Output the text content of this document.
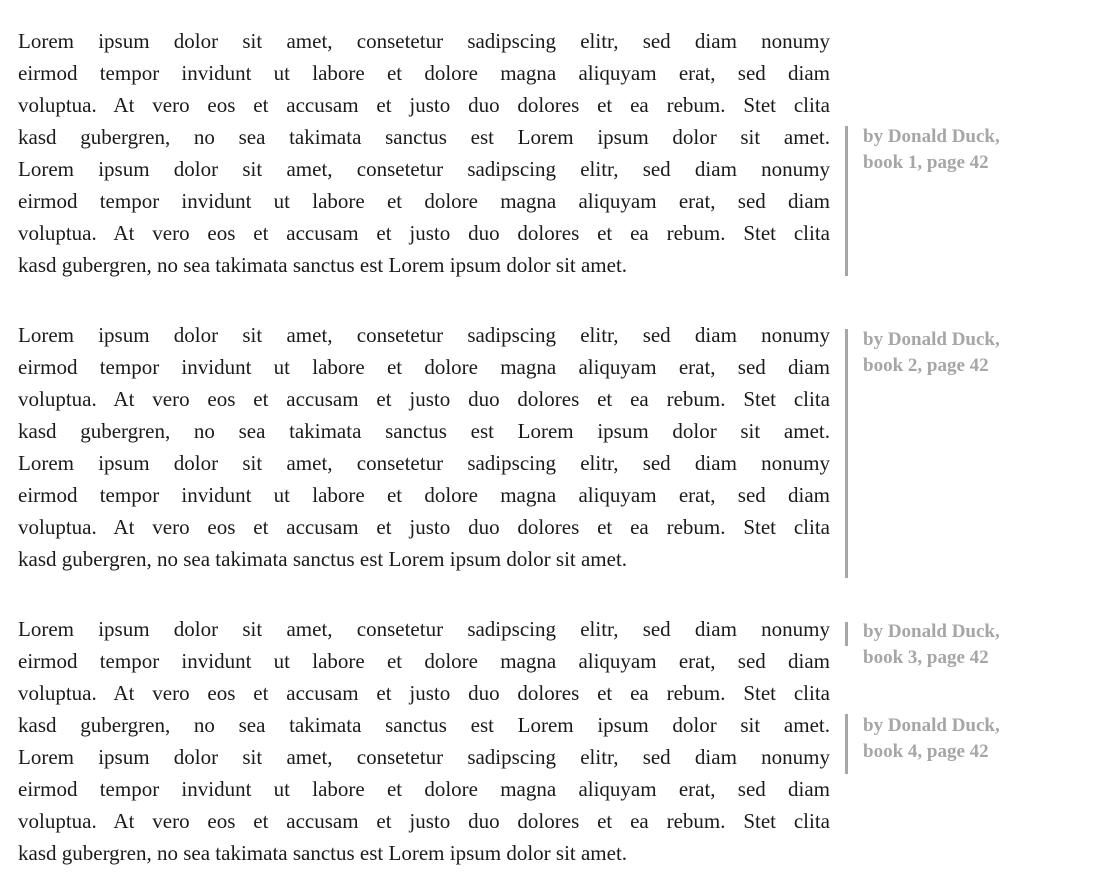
Lorem ipsum dolor sit amet, consetetur sadipscing elitr, sed diam nonumy
eirmod tempor invidunt ut labore et dolore magna aliquyam erat, sed diam
voluptua. At vero eos et accusam et justo duo dolores et ea rebum. Stet clita
kasd gubergren, no sea takimata sanctus est Lorem ipsum dolor sit amet.
Lorem ipsum dolor sit amet, consetetur sadipscing elitr, sed diam nonumy
eirmod tempor invidunt ut labore et dolore magna aliquyam erat, sed diam
voluptua. At vero eos et accusam et justo duo dolores et ea rebum. Stet clita
kasd gubergren, no sea takimata sanctus est Lorem ipsum dolor sit amet.
Lorem ipsum dolor sit amet, consetetur sadipscing elitr, sed diam nonumy
eirmod tempor invidunt ut labore et dolore magna aliquyam erat, sed diam
voluptua. At vero eos et accusam et justo duo dolores et ea rebum. Stet clita
kasd gubergren, no sea takimata sanctus est Lorem ipsum dolor sit amet.
Lorem ipsum dolor sit amet, consetetur sadipscing elitr, sed diam nonumy
eirmod tempor invidunt ut labore et dolore magna aliquyam erat, sed diam
voluptua. At vero eos et accusam et justo duo dolores et ea rebum. Stet clita
kasd gubergren, no sea takimata sanctus est Lorem ipsum dolor sit amet.
Lorem ipsum dolor sit amet, consetetur sadipscing elitr, sed diam nonumy
eirmod tempor invidunt ut labore et dolore magna aliquyam erat, sed diam
voluptua. At vero eos et accusam et justo duo dolores et ea rebum. Stet clita
kasd gubergren, no sea takimata sanctus est Lorem ipsum dolor sit amet.
Lorem ipsum dolor sit amet, consetetur sadipscing elitr, sed diam nonumy
eirmod tempor invidunt ut labore et dolore magna aliquyam erat, sed diam
voluptua. At vero eos et accusam et justo duo dolores et ea rebum. Stet clita
kasd gubergren, no sea takimata sanctus est Lorem ipsum dolor sit amet.
by Donald Duck,
book 1, page 42
by Donald Duck,
book 2, page 42
by Donald Duck,
book 3, page 42
by Donald Duck,
book 4, page 42
